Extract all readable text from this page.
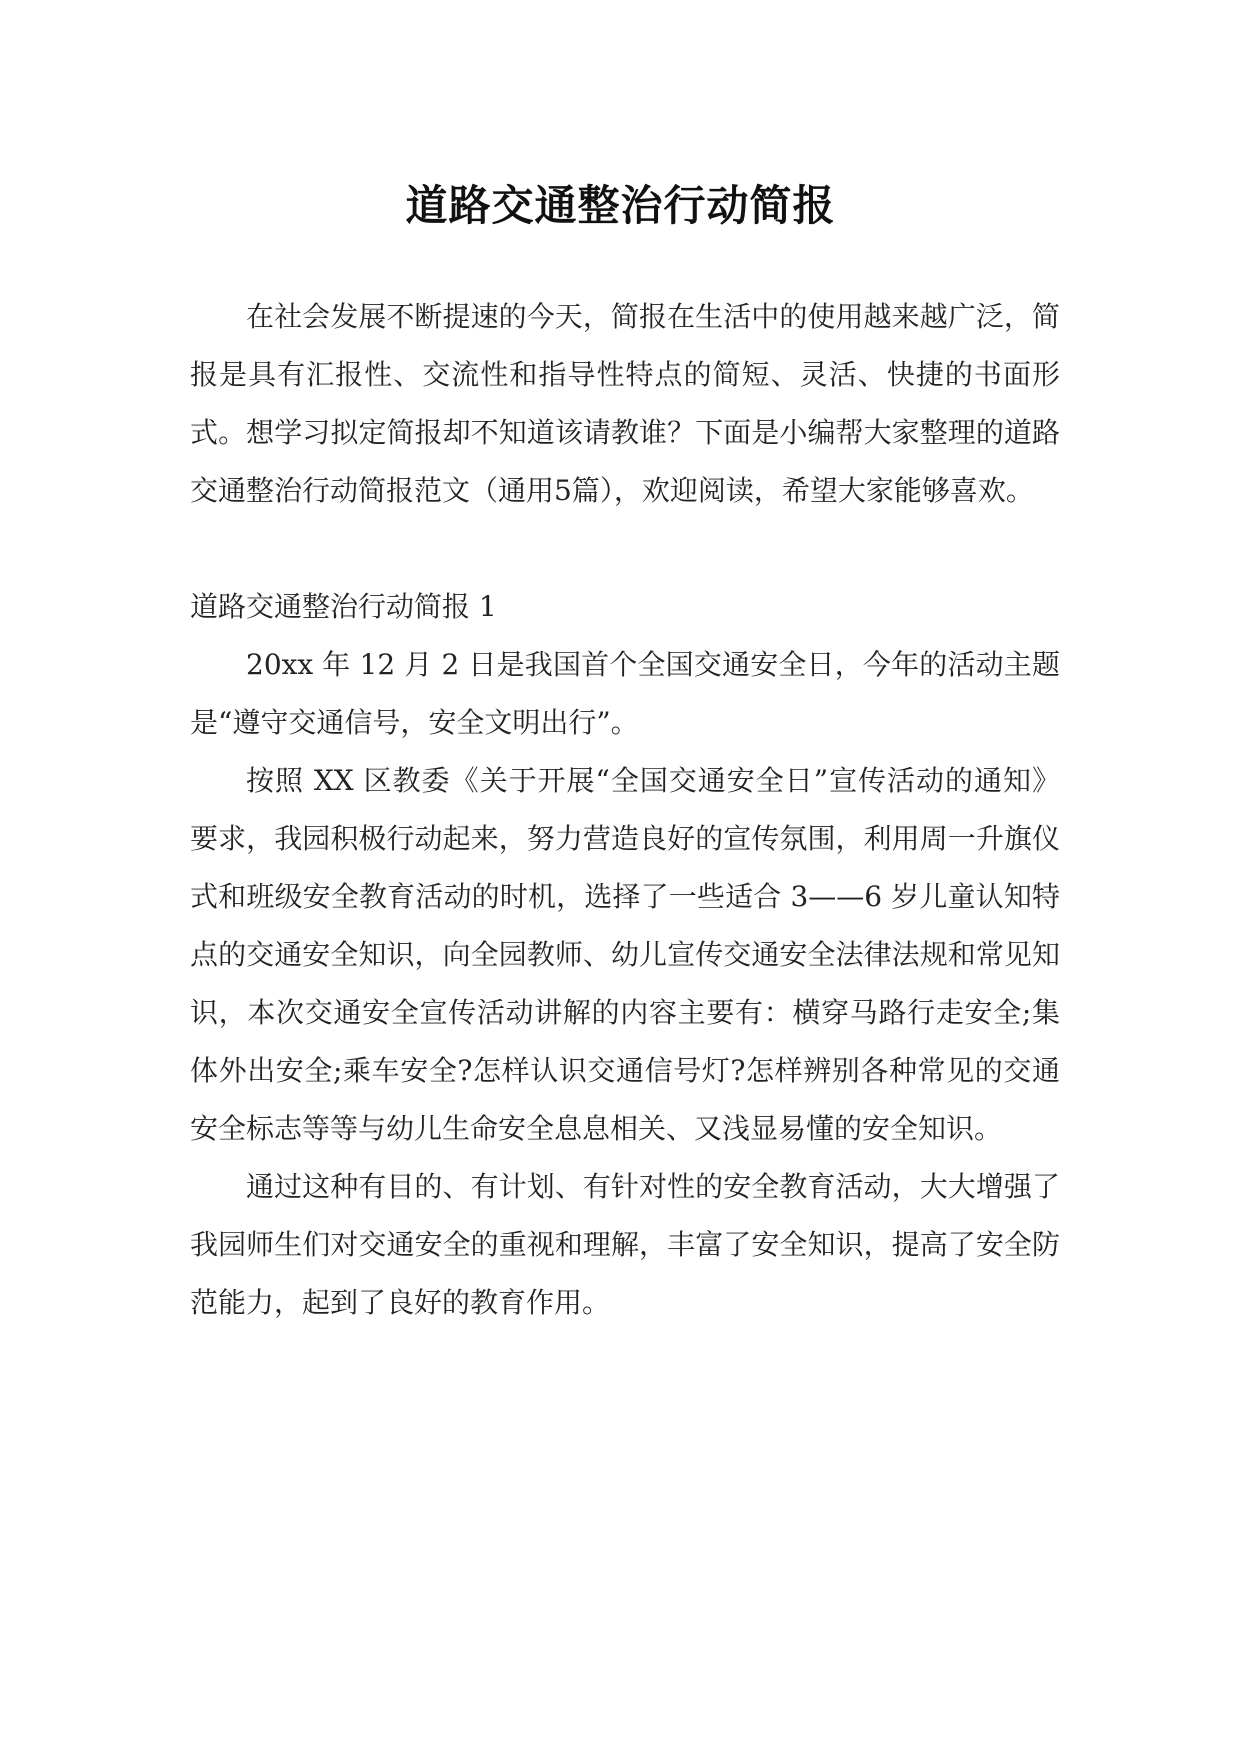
道路交通整治行动简报

在社会发展不断提速的今天，简报在生活中的使用越来越广泛，简报是具有汇报性、交流性和指导性特点的简短、灵活、快捷的书面形式。想学习拟定简报却不知道该请教谁？下面是小编帮大家整理的道路交通整治行动简报范文（通用5篇），欢迎阅读，希望大家能够喜欢。

道路交通整治行动简报 1

20xx 年 12 月 2 日是我国首个全国交通安全日，今年的活动主题是“遵守交通信号，安全文明出行”。

按照 XX 区教委《关于开展“全国交通安全日”宣传活动的通知》要求，我园积极行动起来，努力营造良好的宣传氛围，利用周一升旗仪式和班级安全教育活动的时机，选择了一些适合 3——6 岁儿童认知特点的交通安全知识，向全园教师、幼儿宣传交通安全法律法规和常见知识，本次交通安全宣传活动讲解的内容主要有：横穿马路行走安全;集体外出安全;乘车安全?怎样认识交通信号灯?怎样辨别各种常见的交通安全标志等等与幼儿生命安全息息相关、又浅显易懂的安全知识。

通过这种有目的、有计划、有针对性的安全教育活动，大大增强了我园师生们对交通安全的重视和理解，丰富了安全知识，提高了安全防范能力，起到了良好的教育作用。
